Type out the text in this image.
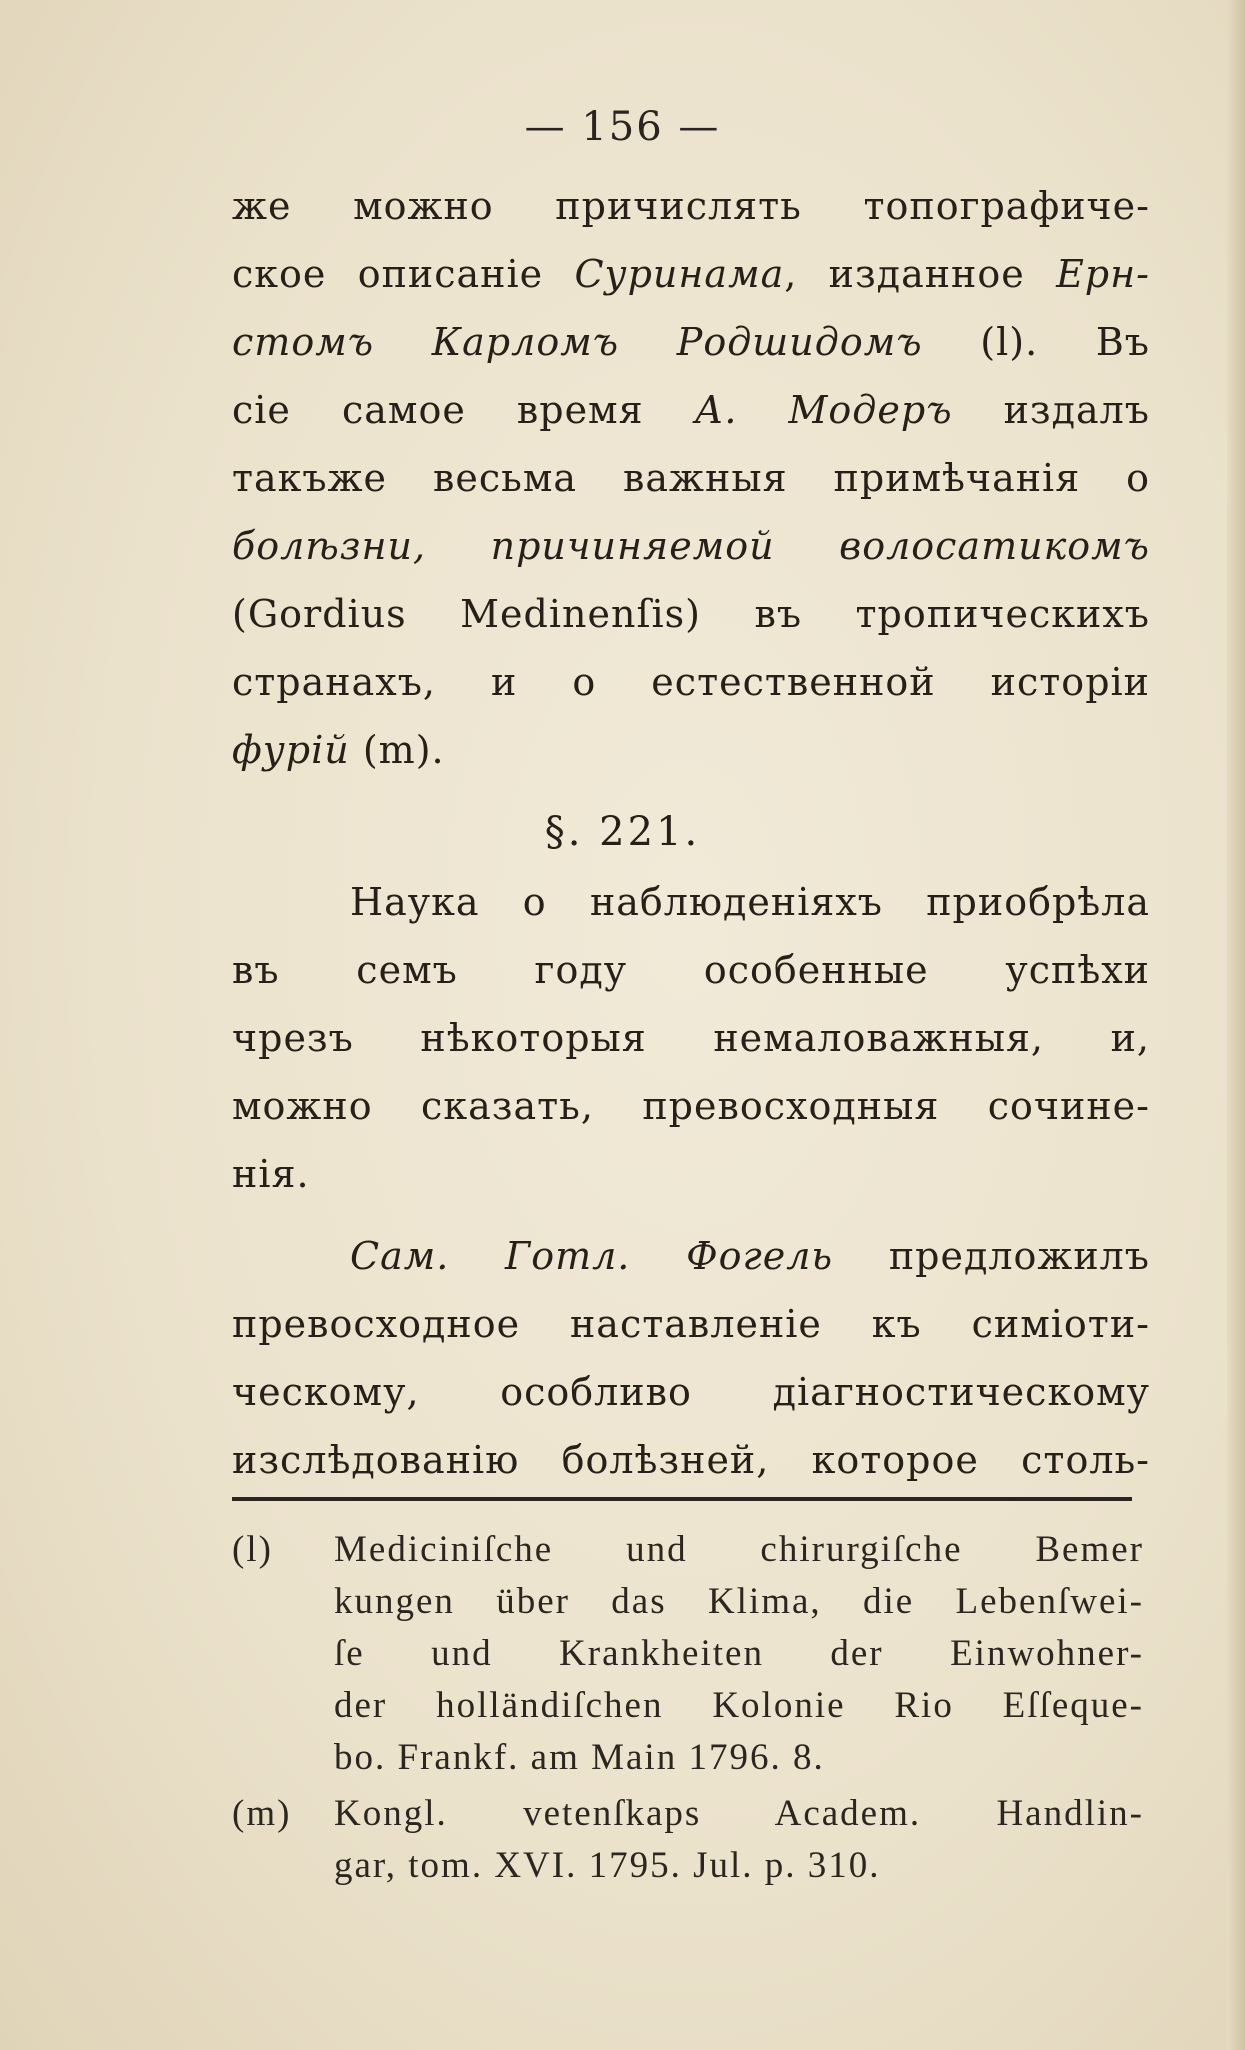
— 156 —
же можно причислять топографиче-
ское описаніе Суринама, изданное Ерн-
стомъ Карломъ Родшидомъ (l). Въ
сіе самое время А. Модеръ издалъ
такъже весьма важныя примѣчанія о
болѣзни, причиняемой волосатикомъ
(Gordius Medinenſis) въ тропическихъ
странахъ, и о естественной исторіи
фурій (m).
§. 221.
Наука о наблюденіяхъ приобрѣла
въ семъ году особенные успѣхи
чрезъ нѣкоторыя немаловажныя, и,
можно сказать, превосходныя сочине-
нія.
Сам. Готл. Фогель предложилъ
превосходное наставленіе къ симіоти-
ческому, особливо діагностическому
изслѣдованію болѣзней, которое столь-
(l)	Mediciniſche und chirurgiſche Bemer
kungen über das Klima, die Lebenſwei-
ſe und Krankheiten der Einwohner-
der holländiſchen Kolonie Rio Eſſeque-
bo. Frankf. am Main 1796. 8.
(m)	Kongl. vetenſkaps Academ. Handlin-
gar, tom. XVI. 1795. Jul. p. 310.
